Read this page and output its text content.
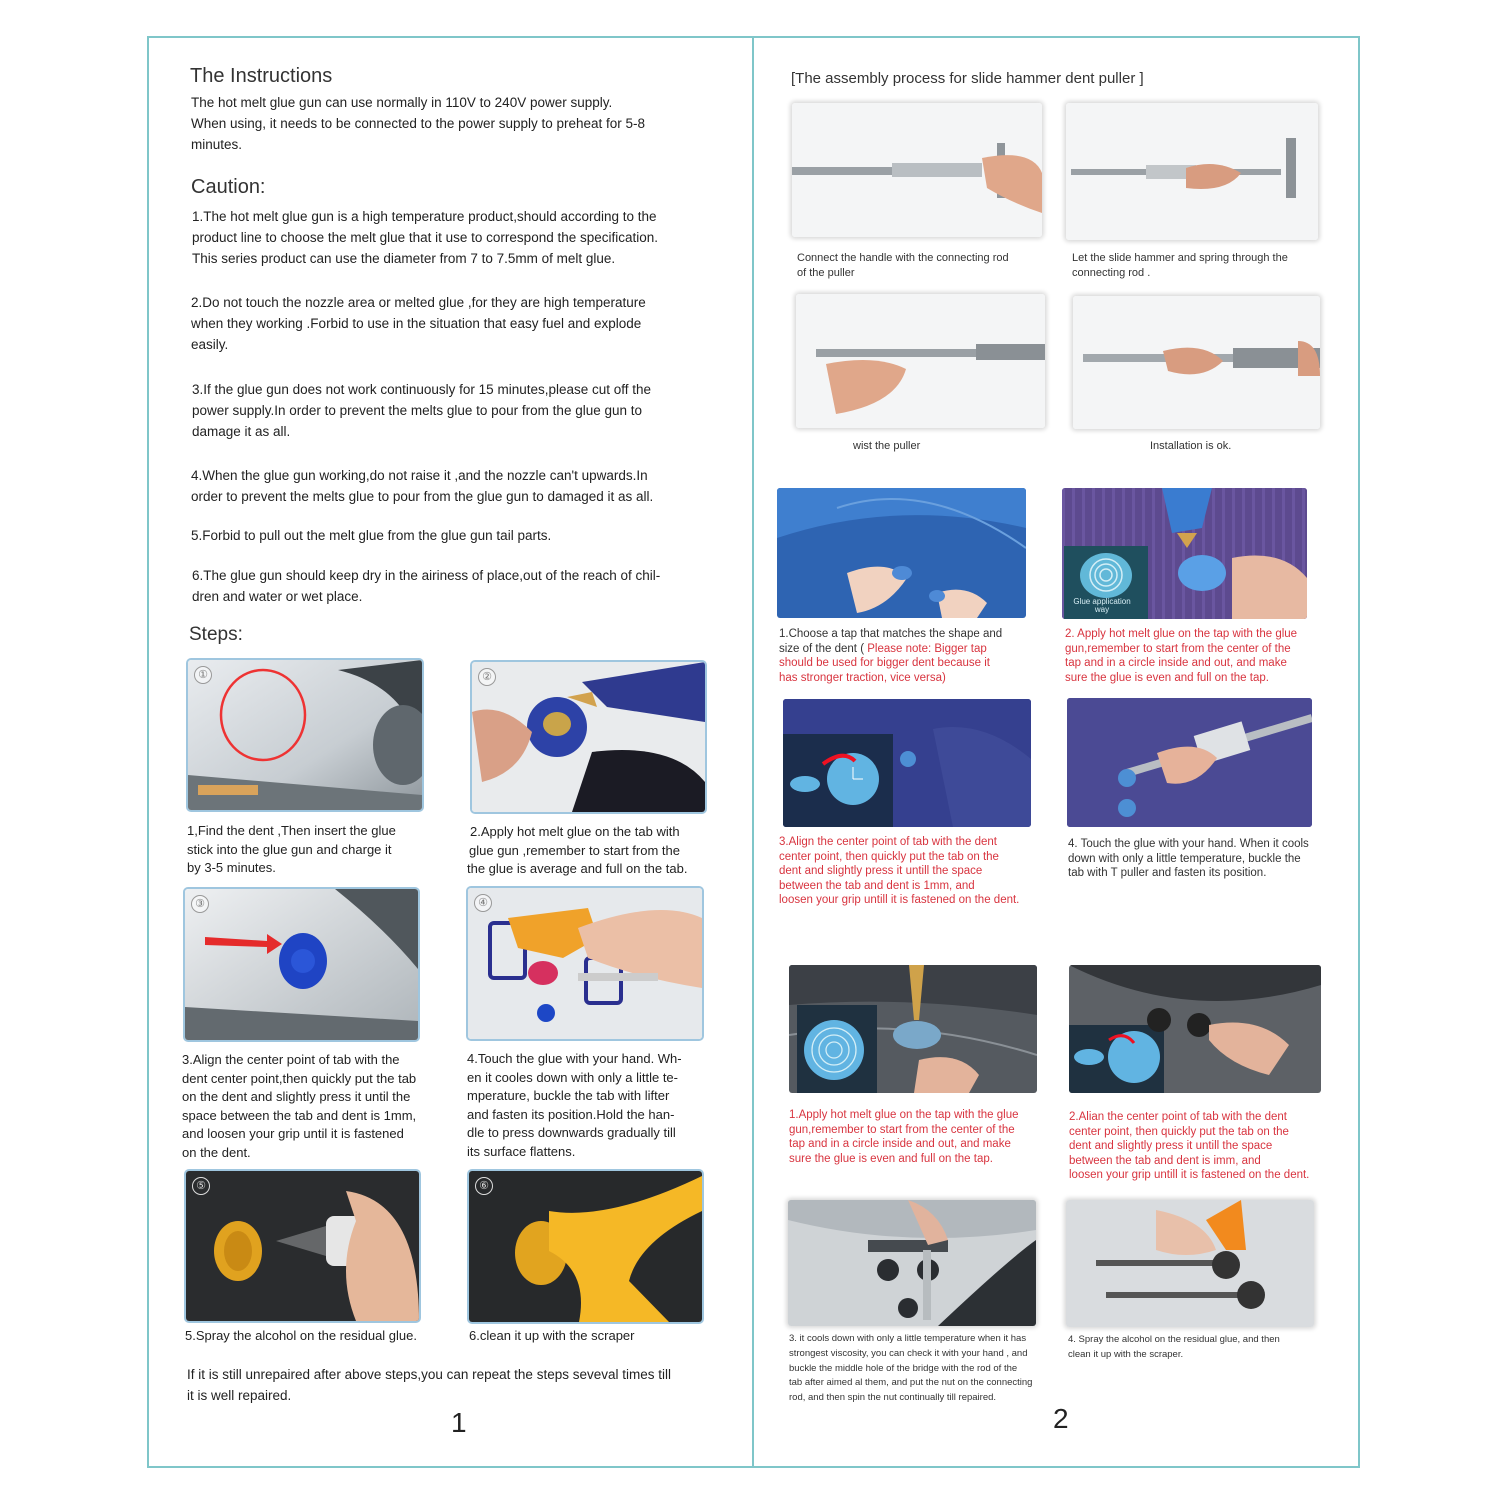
The Instructions
The hot melt glue gun can use normally in 110V to 240V power supply.
When using, it needs to be connected to the power supply to preheat for 5-8
minutes.
Caution:
1.The hot melt glue gun is a high temperature product,should according to the
product line to choose the melt glue that it use to correspond the specification.
This series product can use the diameter from 7 to 7.5mm of melt glue.
2.Do not touch the nozzle area or melted glue ,for they are high temperature
when they working .Forbid to use in the situation that easy fuel and explode
easily.
3.If the glue gun does not work continuously for 15 minutes,please cut off the
power supply.In order to prevent the melts glue to pour from the glue gun to
damage it as all.
4.When the glue gun working,do not raise it ,and the nozzle can't upwards.In
order to prevent the melts glue to pour from the glue gun to damaged it as all.
5.Forbid to pull out the melt glue from the glue gun tail parts.
6.The glue gun should keep dry in the airiness of place,out of the reach of chil-
dren and water or wet place.
Steps:
①
1,Find the dent ,Then insert the glue
stick into the glue gun and charge it
by 3-5 minutes.
②
2.Apply hot melt glue on the tab with
glue gun ,remember to start from the
the glue is average and full on the tab.
③
3.Align the center point of tab with the
dent center point,then quickly put the tab
on the dent and slightly press it until the
space between the tab and dent is 1mm,
and loosen your grip until it is fastened
on the dent.
④
4.Touch the glue with your hand. Wh-
en it cooles down with only a little te-
mperature, buckle the tab with lifter
and fasten its position.Hold the han-
dle to press downwards gradually till
its surface flattens.
⑤
5.Spray the alcohol on the residual glue.
⑥
6.clean it up with the scraper
If it is still unrepaired after above steps,you can repeat the steps seveval times till
it is well repaired.
1
[The assembly process for slide hammer dent puller ]
Connect the handle with the connecting rod
of the puller
Let the slide hammer and spring through the
connecting rod .
wist the puller	Installation is ok.
Glue application
way
1.Choose a tap that matches the shape and
size of the dent ( Please note: Bigger tap
should be used for bigger dent because it
has stronger traction, vice versa)
2. Apply hot melt glue on the tap with the glue
gun,remember to start from the center of the
tap and in a circle inside and out, and make
sure the glue is even and full on the tap.
3.Align the center point of tab with the dent
center point, then quickly put the tab on the
dent and slightly press it untill the space
between the tab and dent is 1mm, and
loosen your grip untill it is fastened on the dent.
4. Touch the glue with your hand. When it cools
down with only a little temperature, buckle the
tab with T puller and fasten its position.
1.Apply hot melt glue on the tap with the glue
gun,remember to start from the center of the
tap and in a circle inside and out, and make
sure the glue is even and full on the tap.
2.Alian the center point of tab with the dent
center point, then quickly put the tab on the
dent and slightly press it untill the space
between the tab and dent is imm, and
loosen your grip untill it is fastened on the dent.
3. it cools down with only a little temperature when it has
strongest viscosity, you can check it with your hand , and
buckle the middle hole of the bridge with the rod of the
tab after aimed al them, and put the nut on the connecting
rod, and then spin the nut continually till repaired.
4. Spray the alcohol on the residual glue, and then
clean it up with the scraper.
2
